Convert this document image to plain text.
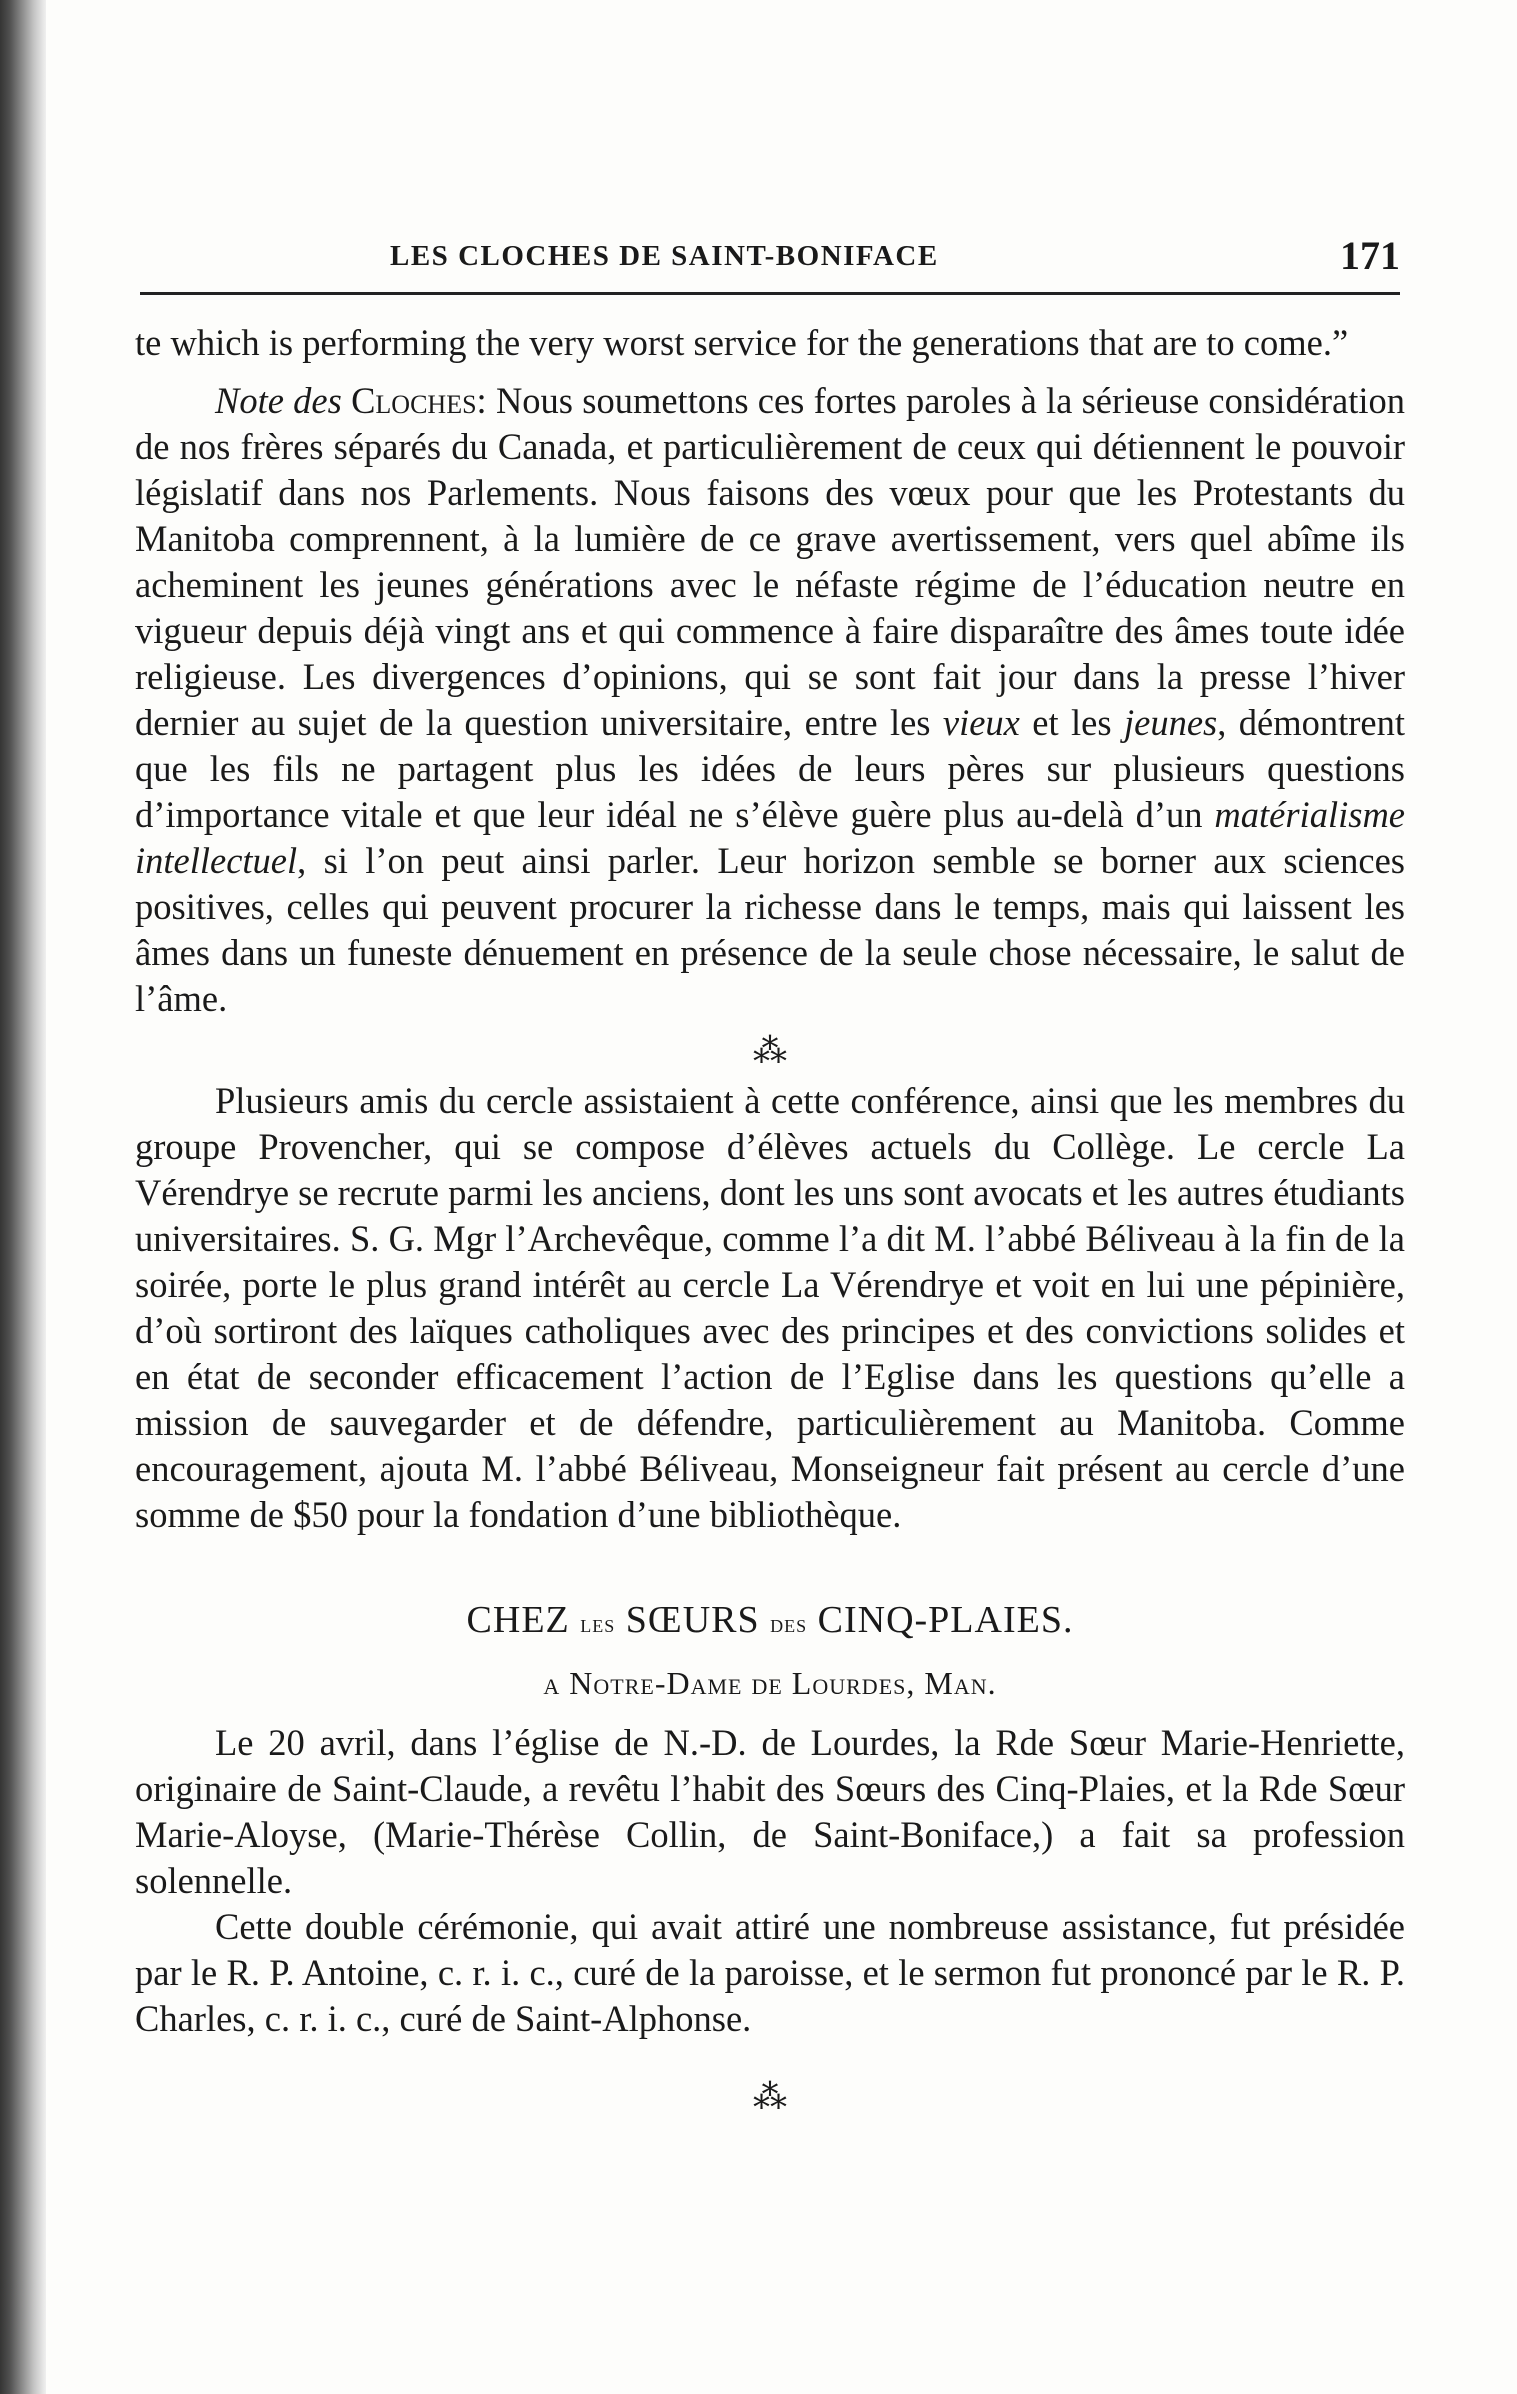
LES CLOCHES DE SAINT-BONIFACE	171

te which is performing the very worst service for the generations that are to come.”

Note des Cloches: Nous soumettons ces fortes paroles à la sérieuse considération de nos frères séparés du Canada, et particulièrement de ceux qui détiennent le pouvoir législatif dans nos Parlements. Nous faisons des vœux pour que les Protestants du Manitoba comprennent, à la lumière de ce grave avertissement, vers quel abîme ils acheminent les jeunes générations avec le néfaste régime de l’éducation neutre en vigueur depuis déjà vingt ans et qui commence à faire disparaître des âmes toute idée religieuse. Les divergences d’opinions, qui se sont fait jour dans la presse l’hiver dernier au sujet de la question universitaire, entre les vieux et les jeunes, démontrent que les fils ne partagent plus les idées de leurs pères sur plusieurs questions d’importance vitale et que leur idéal ne s’élève guère plus au-delà d’un matérialisme intellectuel, si l’on peut ainsi parler. Leur horizon semble se borner aux sciences positives, celles qui peuvent procurer la richesse dans le temps, mais qui laissent les âmes dans un funeste dénuement en présence de la seule chose nécessaire, le salut de l’âme.

⁂

Plusieurs amis du cercle assistaient à cette conférence, ainsi que les membres du groupe Provencher, qui se compose d’élèves actuels du Collège. Le cercle La Vérendrye se recrute parmi les anciens, dont les uns sont avocats et les autres étudiants universitaires. S. G. Mgr l’Archevêque, comme l’a dit M. l’abbé Béliveau à la fin de la soirée, porte le plus grand intérêt au cercle La Vérendrye et voit en lui une pépinière, d’où sortiront des laïques catholiques avec des principes et des convictions solides et en état de seconder efficacement l’action de l’Eglise dans les questions qu’elle a mission de sauvegarder et de défendre, particulièrement au Manitoba. Comme encouragement, ajouta M. l’abbé Béliveau, Monseigneur fait présent au cercle d’une somme de $50 pour la fondation d’une bibliothèque.

CHEZ les SŒURS des CINQ-PLAIES.
a Notre-Dame de Lourdes, Man.

Le 20 avril, dans l’église de N.-D. de Lourdes, la Rde Sœur Marie-Henriette, originaire de Saint-Claude, a revêtu l’habit des Sœurs des Cinq-Plaies, et la Rde Sœur Marie-Aloyse, (Marie-Thérèse Collin, de Saint-Boniface,) a fait sa profession solennelle.

Cette double cérémonie, qui avait attiré une nombreuse assistance, fut présidée par le R. P. Antoine, c. r. i. c., curé de la paroisse, et le sermon fut prononcé par le R. P. Charles, c. r. i. c., curé de Saint-Alphonse.

⁂
